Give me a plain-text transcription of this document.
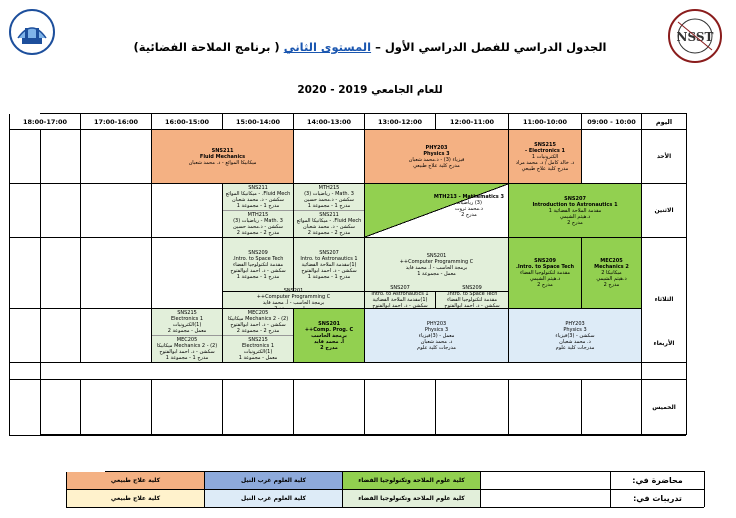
NSST
الجدول الدراسي للفصل الدراسي الأول – المستوى الثاني ( برنامج الملاحة الفضائية)
للعام الجامعي 2019 - 2020
اليوم
10:00 - 09:00
11:00-10:00
12:00-11:00
13:00-12:00
14:00-13:00
15:00-14:00
16:00-15:00
17:00-16:00
18:00-17:00
الأحد
الاثنين
الثلاثاء
الأربعاء
الخميس
SNS215
Electronics 1 -
الكترونيات 1
د. خالد كامل / د. محمد مراد
مدرج كلية علاج طبيعي
PHY203
Physics 3
فيزياء (3) - د.محمد شعبان
مدرج كلية علاج طبيعي
SNS211
Fluid Mechanics
ميكانيكا الموائع - د. محمد شعبان
SNS207
Introduction to Astronautics 1
مقدمة الملاحة الفضائية 1
د.هيثم الشيمي
مدرج 2
MTH213 - Mathematics 3
(3) رياضيات
د.محمد ثروت
مدرج 2
MTH215
Math. 3 - رياضيات (3)
سكشن - د.محمد حسين
مدرج 1 - مجموعة 1
SNS211
Fluid Mech. - ميكانيكا الموائع
سكشن - د. محمد شعبان
مدرج 2 - مجموعة 2
SNS211
Fluid Mech. - ميكانيكا الموائع
سكشن - د. محمد شعبان
مدرج 1 - مجموعة 1
MTH215
Math. 3 - رياضيات (3)
سكشن - د.محمد حسين
مدرج 2 - مجموعة 2
MEC205
Mechanics 2
ميكانيكا 2
د.هيثم الشيمي
مدرج 2
SNS209
Intro. to Space Tech.
مقدمة لتكنولوجيا الفضاء
د.هيثم الشيمي
مدرج 2
SNS201
Computer Programming C++
برمجة الحاسب - أ. محمد فايد
معمل - مجموعة 1
SNS209
Intro. to Space Tech.
مقدمة لتكنولوجيا الفضاء
سكشن - د. احمد ابوالفتوح
SNS207
Intro. to Astronautics 1
(1)مقدمة الملاحة الفضائية
سكشن - د. احمد ابوالفتوح
SNS207
Intro. to Astronautics 1
(1)مقدمة الملاحة الفضائية
سكشن - د. احمد ابوالفتوح
مدرج 1 - مجموعة 1
SNS209
Intro. to Space Tech.
مقدمة لتكنولوجيا الفضاء
سكشن - د. احمد ابوالفتوح
مدرج 1 - مجموعة 1
SNS201
Computer Programming C++
برمجة الحاسب - أ. محمد فايد
PHY203
Physics 3
سكشن - (3)فيزياء
د. محمد شعبان
مدرجات كلية علوم
PHY203
Physics 3
معمل - (3)فيزياء
د. محمد شعبان
مدرجات كلية علوم
SNS201
Comp. Prog. C++
برمجة الحاسب
أ. محمد فايد
مدرج 2
MEC205
Mechanics 2 - (2) ميكانيكا
سكشن - د. احمد ابوالفتوح
مدرج 2 - مجموعة 2
SNS215
Electronics 1
(1)الكترونيات
معمل - مجموعة 1
SNS215
Electronics 1
(1)الكترونيات
معمل - مجموعة 2
MEC205
Mechanics 2 - (2) ميكانيكا
سكشن - د. احمد ابوالفتوح
مدرج 1 - مجموعة 1
محاضرة في:
كلية علوم الملاحة وتكنولوجيا الفضاء
كلية العلوم غرب النيل
كلية علاج طبيعي
تدريبات في:
كلية علوم الملاحة وتكنولوجيا الفضاء
كلية العلوم غرب النيل
كلية علاج طبيعي
